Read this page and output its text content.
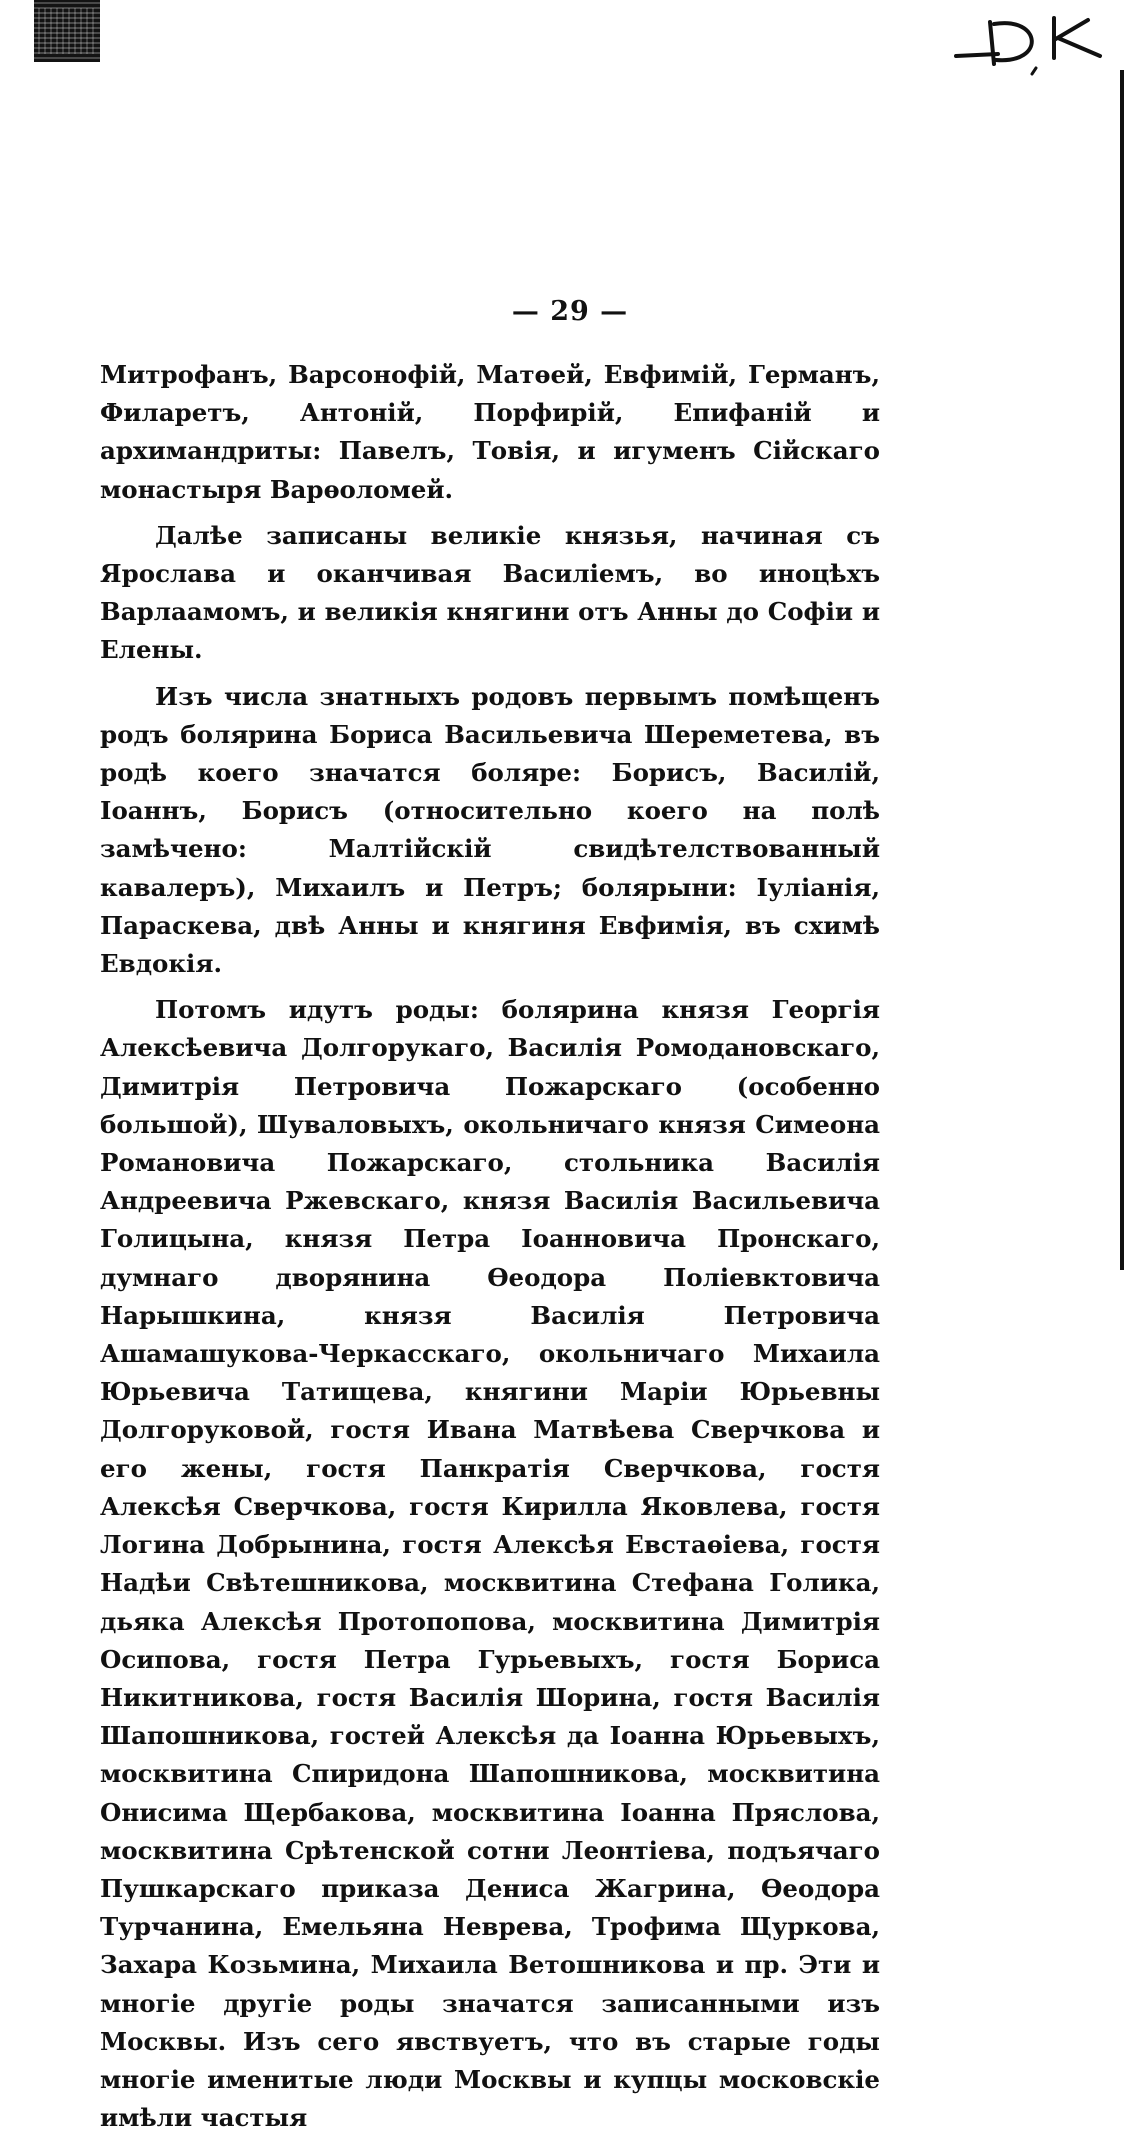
— 29 —

Митрофанъ, Варсонофій, Матѳей, Евфимій, Германъ, Филаретъ, Антоній, Порфирій, Епифаній и архимандриты: Павелъ, Товія, и игуменъ Сійскаго монастыря Варѳоломей.

Далѣе записаны великіе князья, начиная съ Ярослава и оканчивая Василіемъ, во иноцѣхъ Варлаамомъ, и великія княгини отъ Анны до Софіи и Елены.

Изъ числа знатныхъ родовъ первымъ помѣщенъ родъ болярина Бориса Васильевича Шереметева, въ родѣ коего значатся боляре: Борисъ, Василій, Іоаннъ, Борисъ (относительно коего на полѣ замѣчено: Малтійскій свидѣтелствованный кавалеръ), Михаилъ и Петръ; болярыни: Іуліанія, Параскева, двѣ Анны и княгиня Евфимія, въ схимѣ Евдокія.

Потомъ идутъ роды: болярина князя Георгія Алексѣевича Долгорукаго, Василія Ромодановскаго, Димитрія Петровича Пожарскаго (особенно большой), Шуваловыхъ, окольничаго князя Симеона Романовича Пожарскаго, стольника Василія Андреевича Ржевскаго, князя Василія Васильевича Голицына, князя Петра Іоанновича Пронскаго, думнаго дворянина Ѳеодора Поліевктовича Нарышкина, князя Василія Петровича Ашамашукова-Черкасскаго, окольничаго Михаила Юрьевича Татищева, княгини Маріи Юрьевны Долгоруковой, гостя Ивана Матвѣева Сверчкова и его жены, гостя Панкратія Сверчкова, гостя Алексѣя Сверчкова, гостя Кирилла Яковлева, гостя Логина Добрынина, гостя Алексѣя Евстаѳіева, гостя Надѣи Свѣтешникова, москвитина Стефана Голика, дьяка Алексѣя Протопопова, москвитина Димитрія Осипова, гостя Петра Гурьевыхъ, гостя Бориса Никитникова, гостя Василія Шорина, гостя Василія Шапошникова, гостей Алексѣя да Іоанна Юрьевыхъ, москвитина Спиридона Шапошникова, москвитина Онисима Щербакова, москвитина Іоанна Пряслова, москвитина Срѣтенской сотни Леонтіева, подъячаго Пушкарскаго приказа Дениса Жагрина, Ѳеодора Турчанина, Емельяна Неврева, Трофима Щуркова, Захара Козьмина, Михаила Ветошникова и пр. Эти и многіе другіе роды значатся записанными изъ Москвы. Изъ сего явствуетъ, что въ старые годы многіе именитые люди Москвы и купцы московскіе имѣли частыя
